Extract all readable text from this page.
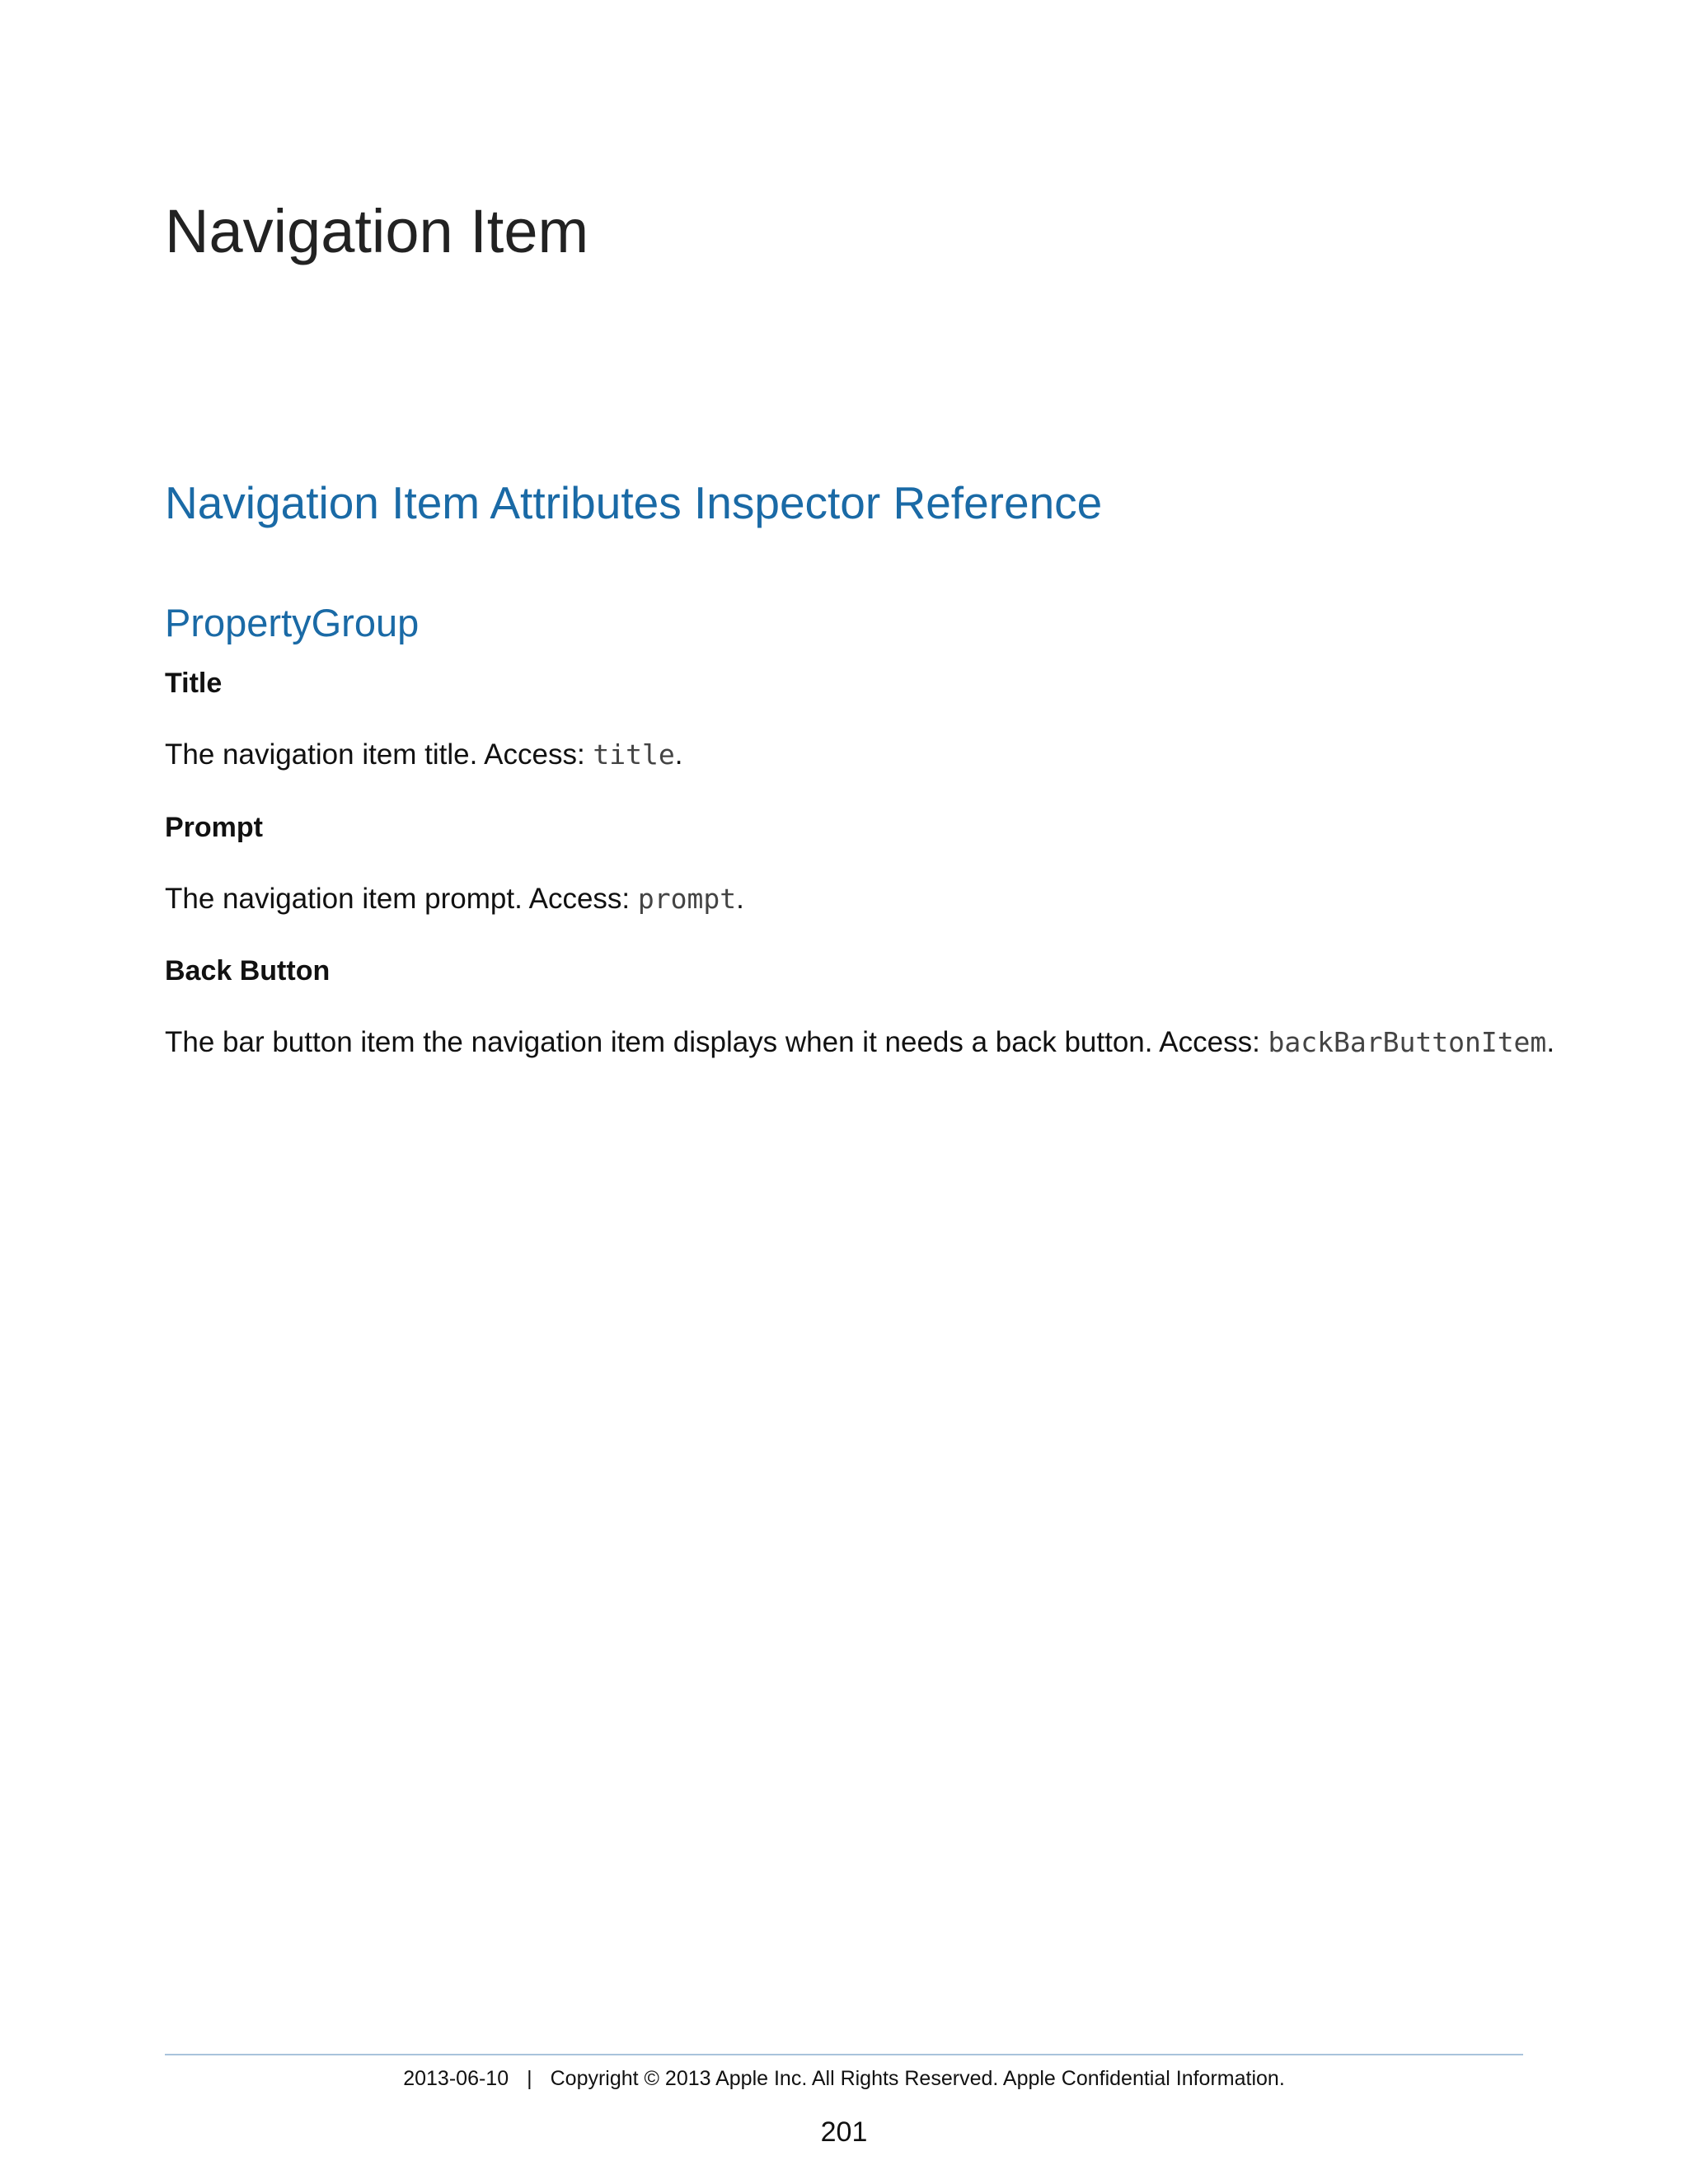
Navigation Item
Navigation Item Attributes Inspector Reference
PropertyGroup
Title

The navigation item title. Access: title.

Prompt

The navigation item prompt. Access: prompt.

Back Button

The bar button item the navigation item displays when it needs a back button. Access: backBarButtonItem.

2013-06-10 | Copyright © 2013 Apple Inc. All Rights Reserved. Apple Confidential Information.
201
